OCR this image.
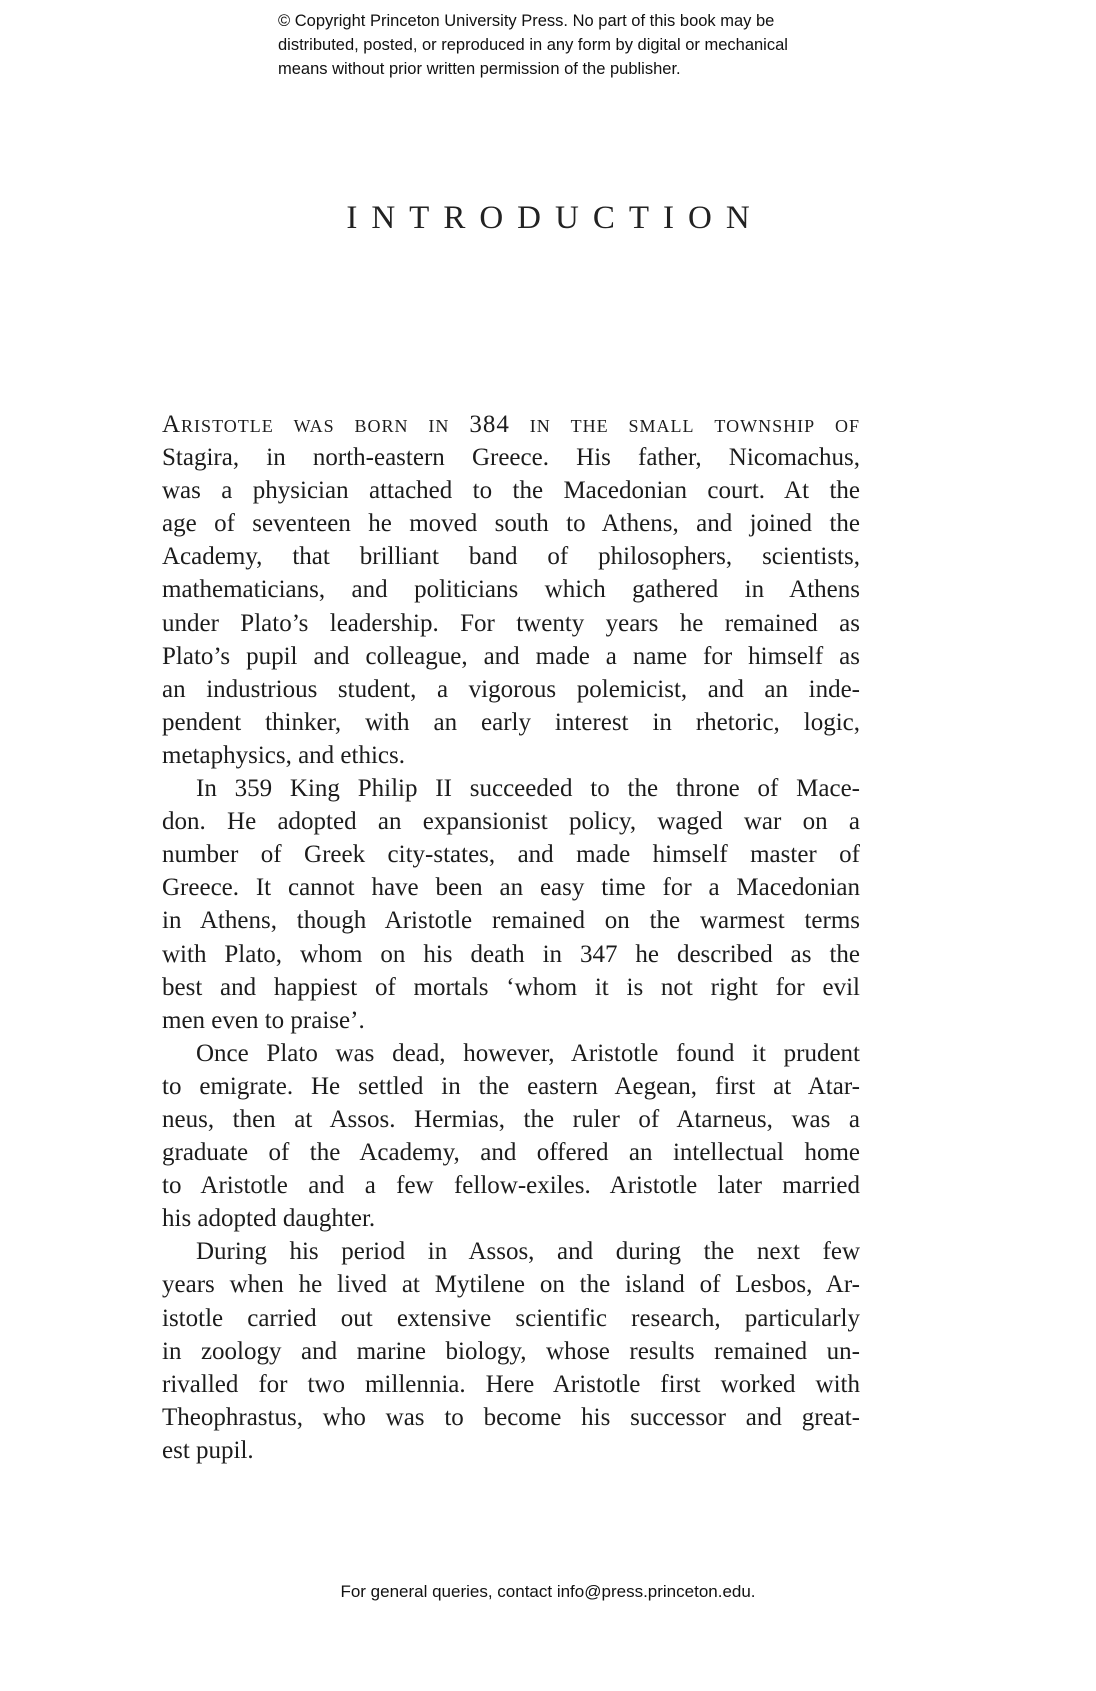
© Copyright Princeton University Press. No part of this book may be
distributed, posted, or reproduced in any form by digital or mechanical
means without prior written permission of the publisher.
INTRODUCTION
Aristotle was born in 384 in the small township of
Stagira, in north-eastern Greece. His father, Nicomachus,
was a physician attached to the Macedonian court. At the
age of seventeen he moved south to Athens, and joined the
Academy, that brilliant band of philosophers, scientists,
mathematicians, and politicians which gathered in Athens
under Plato’s leadership. For twenty years he remained as
Plato’s pupil and colleague, and made a name for himself as
an industrious student, a vigorous polemicist, and an inde-
pendent thinker, with an early interest in rhetoric, logic,
metaphysics, and ethics.
In 359 King Philip II succeeded to the throne of Mace-
don. He adopted an expansionist policy, waged war on a
number of Greek city-states, and made himself master of
Greece. It cannot have been an easy time for a Macedonian
in Athens, though Aristotle remained on the warmest terms
with Plato, whom on his death in 347 he described as the
best and happiest of mortals ‘whom it is not right for evil
men even to praise’.
Once Plato was dead, however, Aristotle found it prudent
to emigrate. He settled in the eastern Aegean, first at Atar-
neus, then at Assos. Hermias, the ruler of Atarneus, was a
graduate of the Academy, and offered an intellectual home
to Aristotle and a few fellow-exiles. Aristotle later married
his adopted daughter.
During his period in Assos, and during the next few
years when he lived at Mytilene on the island of Lesbos, Ar-
istotle carried out extensive scientific research, particularly
in zoology and marine biology, whose results remained un-
rivalled for two millennia. Here Aristotle first worked with
Theophrastus, who was to become his successor and great-
est pupil.
For general queries, contact info@press.princeton.edu.
